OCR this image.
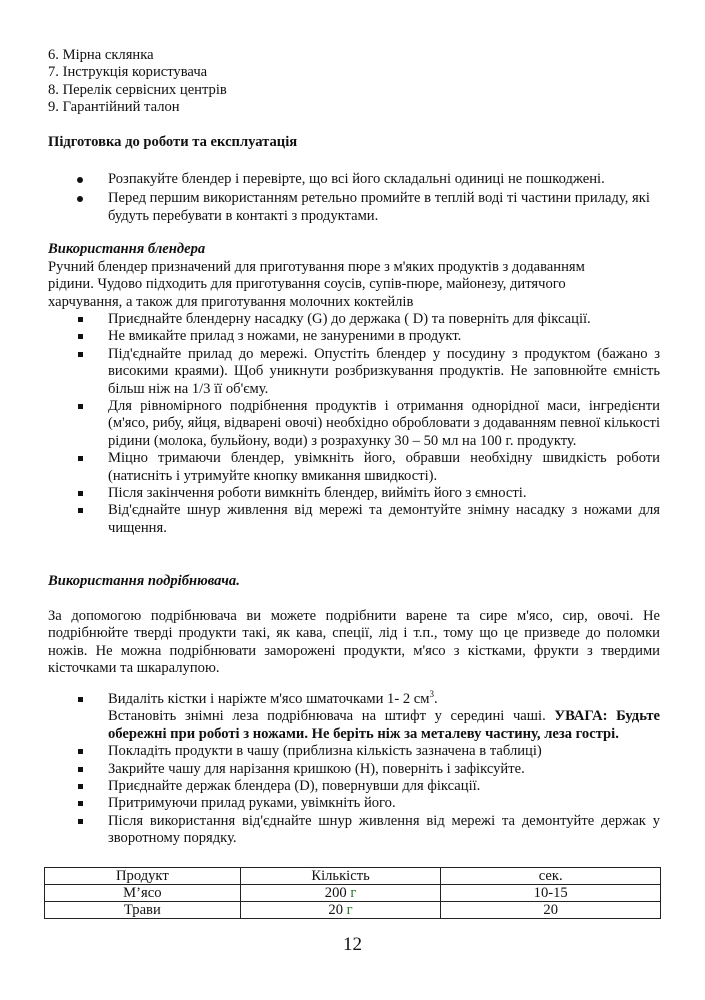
6. Мірна склянка
7. Інструкція користувача
8. Перелік сервісних центрів
9. Гарантійний талон
Підготовка до роботи та експлуатація
Розпакуйте блендер і перевірте, що всі його складальні одиниці не пошкоджені.
Перед першим використанням ретельно промийте в теплій воді ті частини приладу, які будуть перебувати в контакті з продуктами.
Використання блендера
Ручний блендер призначений для приготування пюре з м'яких продуктів з додаванням
рідини. Чудово підходить для приготування соусів, супів-пюре, майонезу, дитячого
харчування, а також для приготування молочних коктейлів
Приєднайте блендерну насадку (G) до держака ( D) та поверніть для фіксації.
Не вмикайте прилад з ножами, не зануреними в продукт.
Під'єднайте прилад до мережі. Опустіть блендер у посудину з продуктом (бажано з високими краями). Щоб уникнути розбризкування продуктів. Не заповнюйте ємність більш ніж на 1/3 її об'єму.
Для рівномірного подрібнення продуктів і отримання однорідної маси, інгредієнти (м'ясо, рибу, яйця, відварені овочі) необхідно обробловати з додаванням певної кількості рідини (молока, бульйону, води) з розрахунку 30 – 50 мл на 100 г. продукту.
Міцно тримаючи блендер, увімкніть його, обравши необхідну швидкість роботи (натисніть і утримуйте кнопку вмикання швидкості).
Після закінчення роботи вимкніть блендер, вийміть його з ємності.
Від'єднайте шнур живлення від мережі та демонтуйте знімну насадку з ножами для чищення.
Використання подрібнювача.
За допомогою подрібнювача ви можете подрібнити варене та сире м'ясо, сир, овочі. Не подрібнюйте тверді продукти такі, як кава, спеції, лід і т.п., тому що це призведе до поломки ножів. Не можна подрібнювати заморожені продукти, м'ясо з кістками, фрукти з твердими кісточками та шкаралупою.
Видаліть кістки і наріжте м'ясо шматочками 1- 2 $см^3$.
Встановіть знімні леза подрібнювача на штифт у середині чаші. УВАГА: Будьте обережні при роботі з ножами. Не беріть ніж за металеву частину, леза гострі.
Покладіть продукти в чашу (приблизна кількість зазначена в таблиці)
Закрийте чашу для нарізання кришкою (H), поверніть і зафіксуйте.
Приєднайте держак блендера (D), повернувши для фіксації.
Притримуючи прилад руками, увімкніть його.
Після використання від'єднайте шнур живлення від мережі та демонтуйте держак у зворотному порядку.
Продукт	Кількість	сек.
М’ясо	200 г	10-15
Трави	20 г	20
12
